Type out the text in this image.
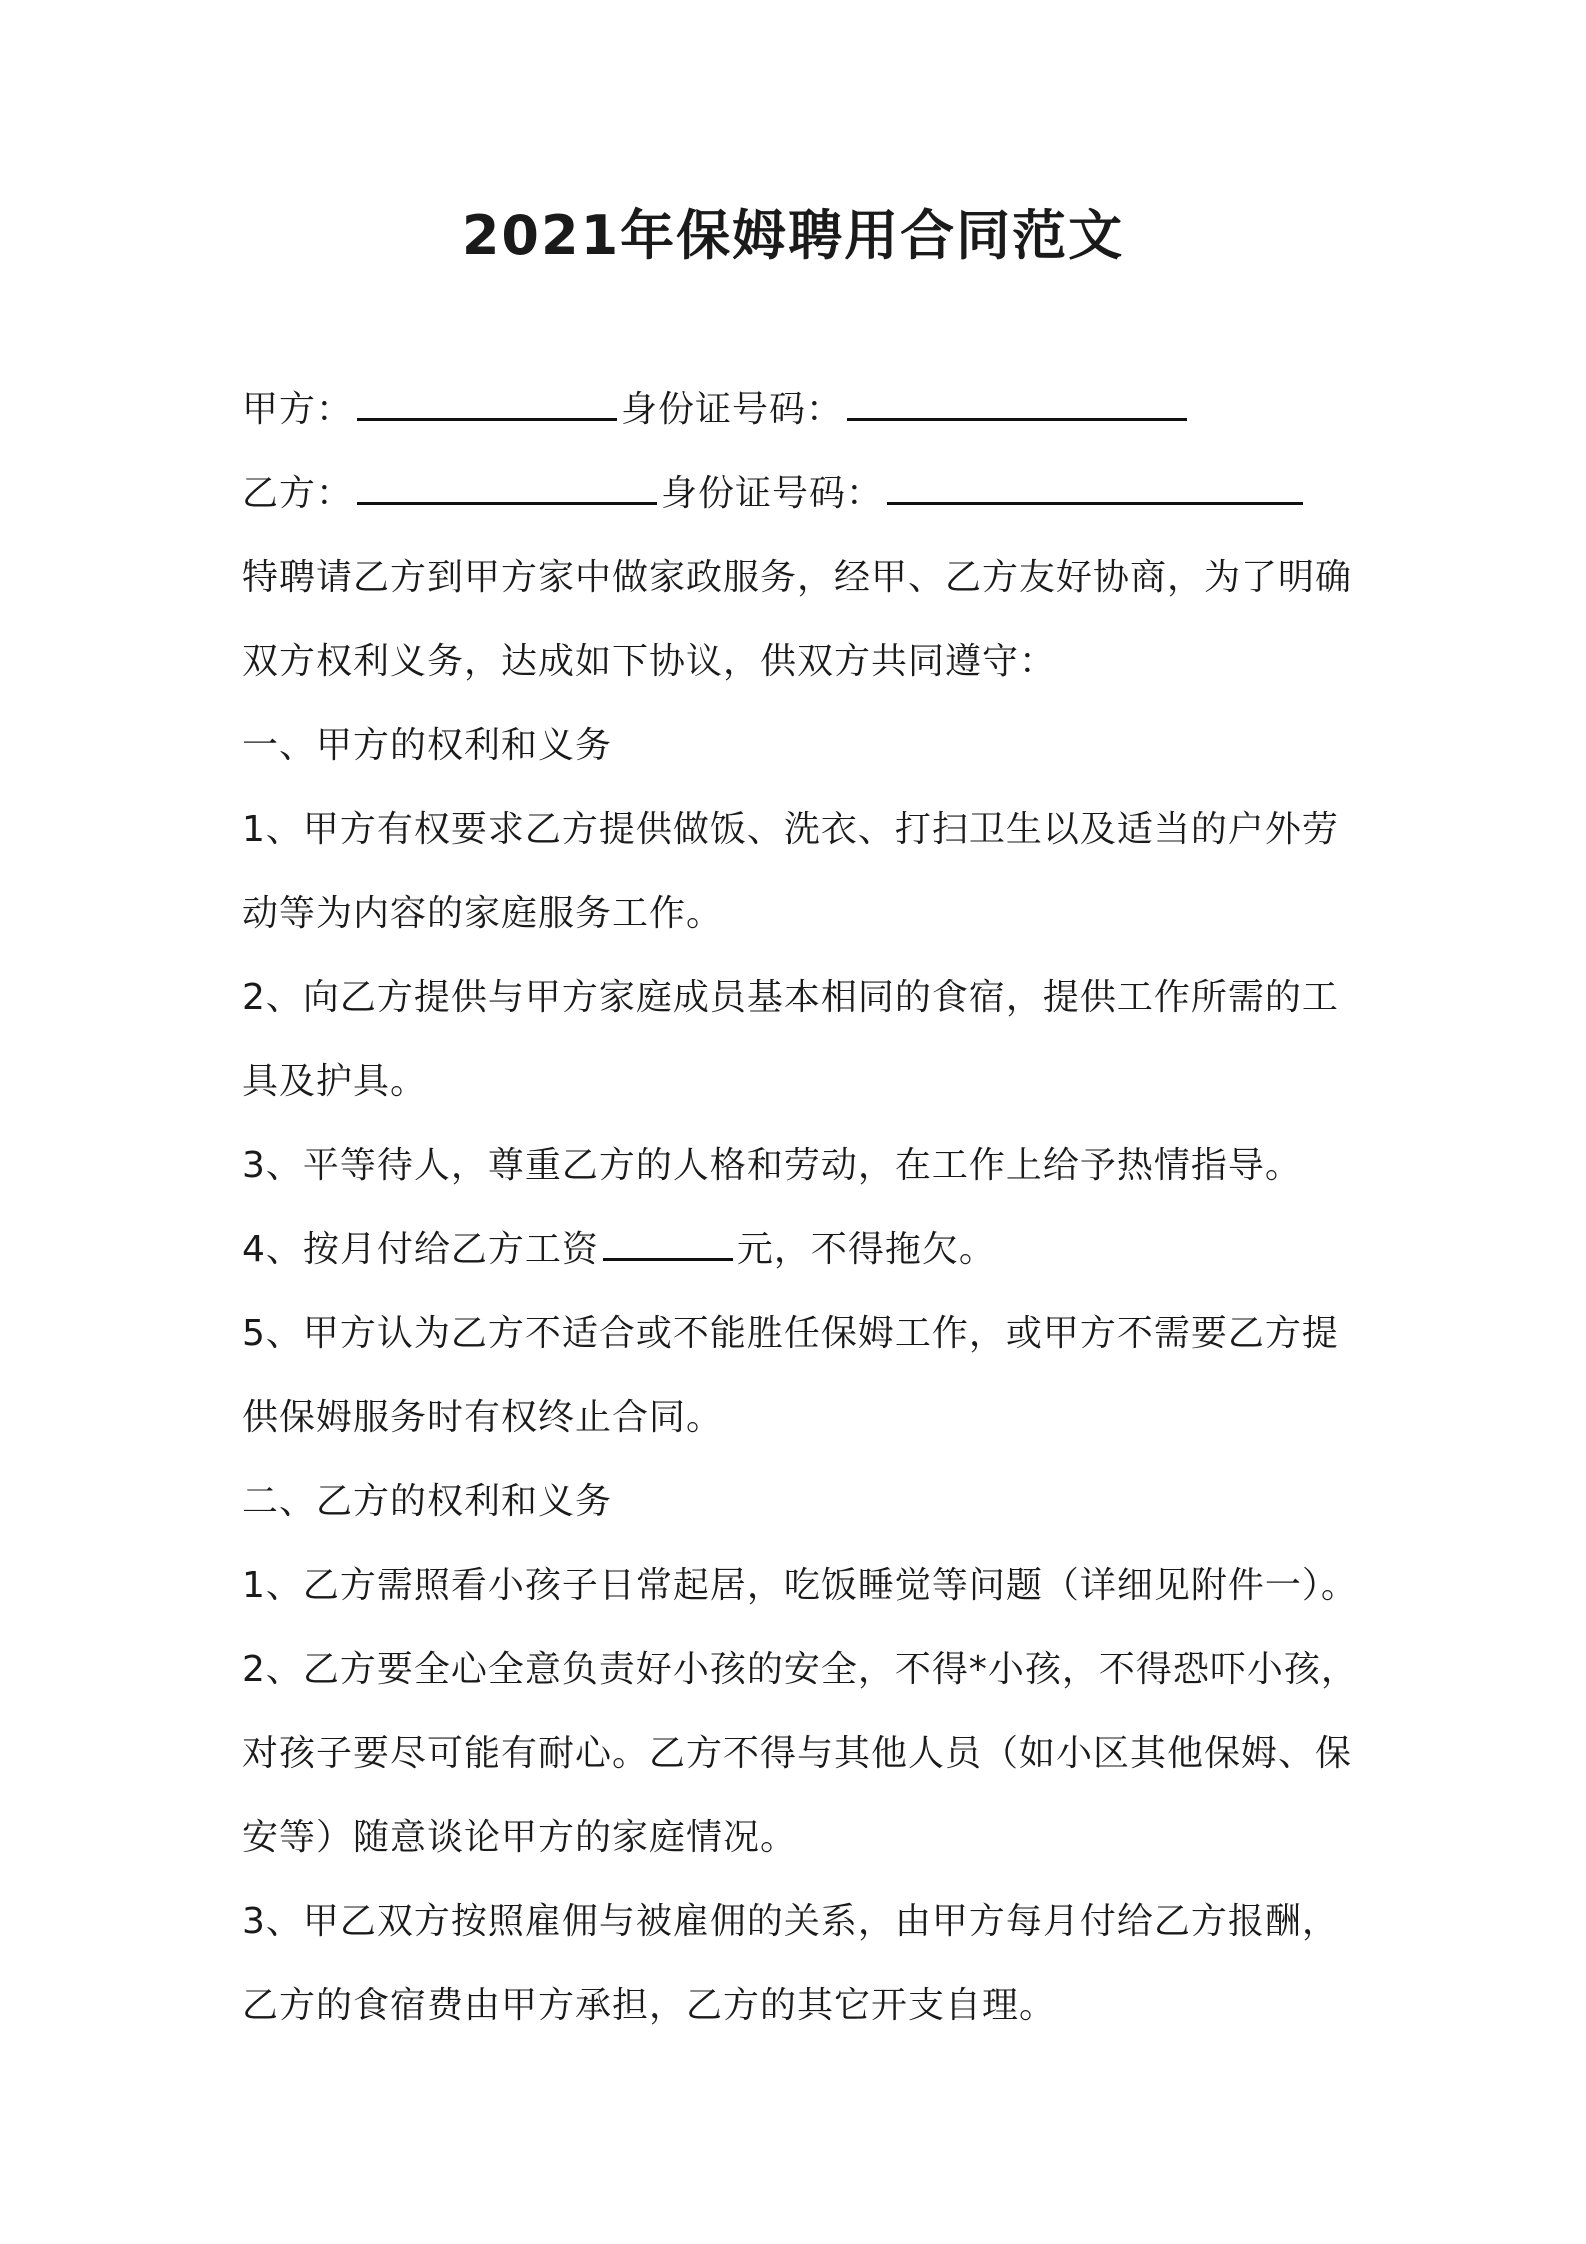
2021年保姆聘用合同范文
甲方：	身份证号码：
乙方：	身份证号码：
特聘请乙方到甲方家中做家政服务，经甲、乙方友好协商，为了明确
双方权利义务，达成如下协议，供双方共同遵守：
一、甲方的权利和义务
1、甲方有权要求乙方提供做饭、洗衣、打扫卫生以及适当的户外劳
动等为内容的家庭服务工作。
2、向乙方提供与甲方家庭成员基本相同的食宿，提供工作所需的工
具及护具。
3、平等待人，尊重乙方的人格和劳动，在工作上给予热情指导。
4、按月付给乙方工资	元，不得拖欠。
5、甲方认为乙方不适合或不能胜任保姆工作，或甲方不需要乙方提
供保姆服务时有权终止合同。
二、乙方的权利和义务
1、乙方需照看小孩子日常起居，吃饭睡觉等问题（详细见附件一）。
2、乙方要全心全意负责好小孩的安全，不得*小孩，不得恐吓小孩，
对孩子要尽可能有耐心。乙方不得与其他人员（如小区其他保姆、保
安等）随意谈论甲方的家庭情况。
3、甲乙双方按照雇佣与被雇佣的关系，由甲方每月付给乙方报酬，
乙方的食宿费由甲方承担，乙方的其它开支自理。
